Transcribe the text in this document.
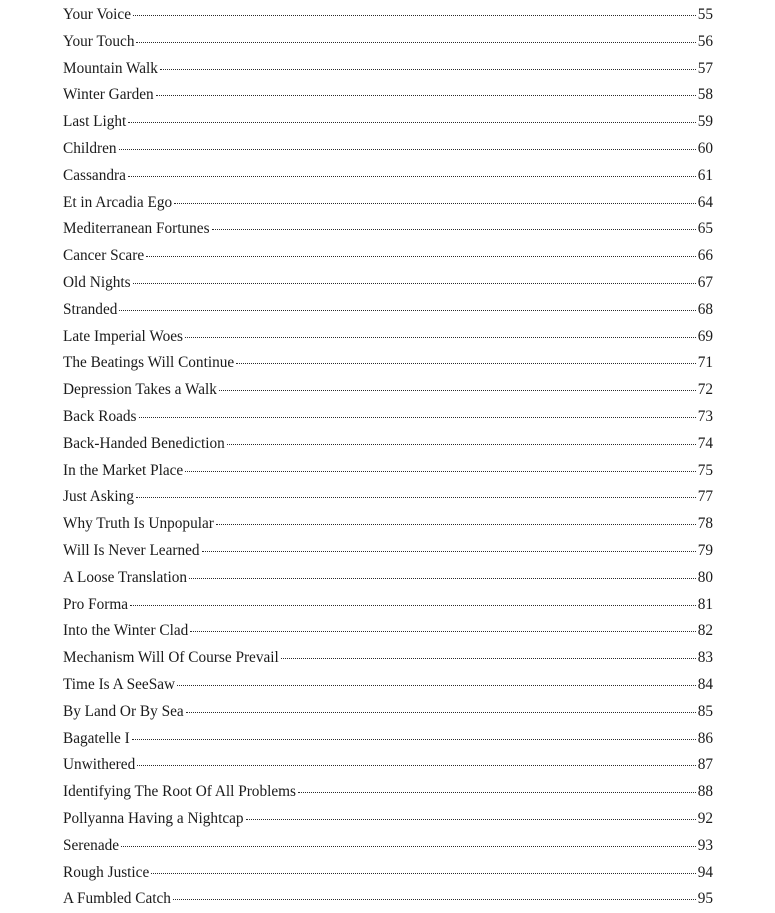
Your Voice	55
Your Touch	56
Mountain Walk	57
Winter Garden	58
Last Light	59
Children	60
Cassandra	61
Et in Arcadia Ego	64
Mediterranean Fortunes	65
Cancer Scare	66
Old Nights	67
Stranded	68
Late Imperial Woes	69
The Beatings Will Continue	71
Depression Takes a Walk	72
Back Roads	73
Back-Handed Benediction	74
In the Market Place	75
Just Asking	77
Why Truth Is Unpopular	78
Will Is Never Learned	79
A Loose Translation	80
Pro Forma	81
Into the Winter Clad	82
Mechanism Will Of Course Prevail	83
Time Is A SeeSaw	84
By Land Or By Sea	85
Bagatelle I	86
Unwithered	87
Identifying The Root Of All Problems	88
Pollyanna Having a Nightcap	92
Serenade	93
Rough Justice	94
A Fumbled Catch	95
